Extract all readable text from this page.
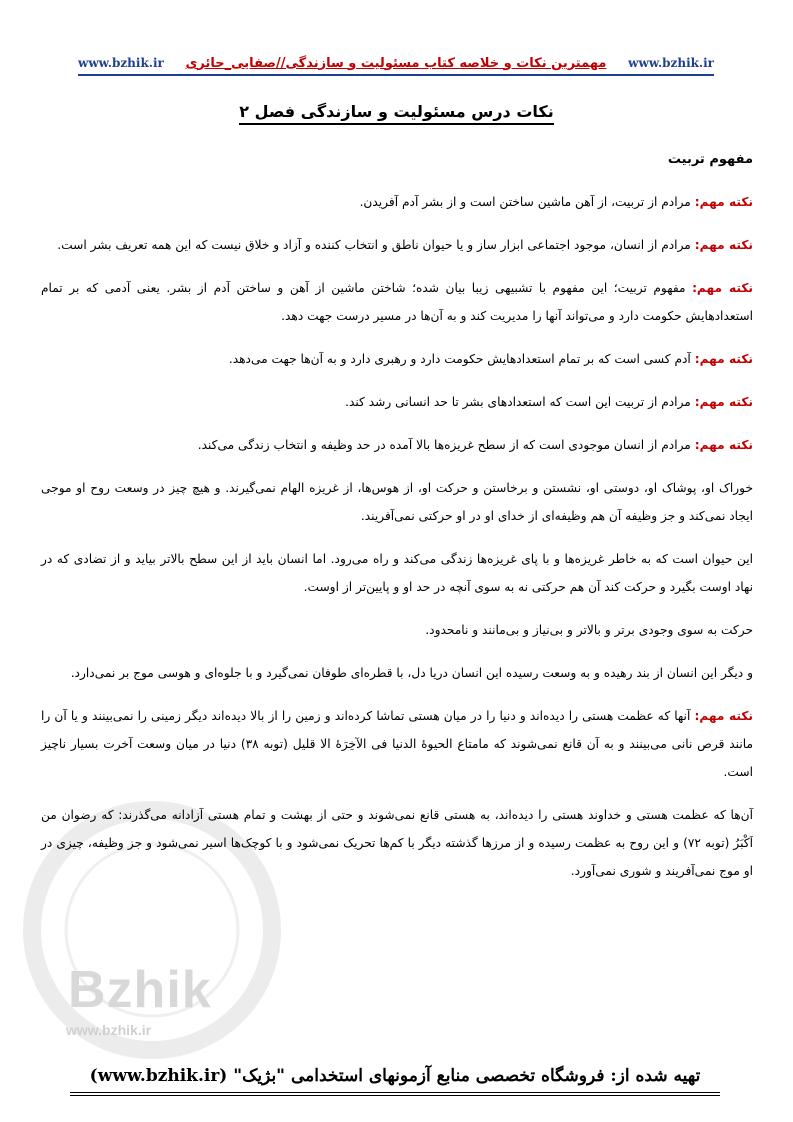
www.bzhik.ir	مهمترین نکات و خلاصه کتاب مسئولیت و سازندگی//صفایی_حائری	www.bzhik.ir
نکات درس مسئولیت و سازندگی فصل ۲
مفهوم تربیت
Bzhik
www.bzhik.ir

نکته مهم: مرادم از تربیت، از آهن ماشین ساختن است و از بشر آدم آفریدن.

نکته مهم: مرادم از انسان، موجود اجتماعی ابزار ساز و یا حیوان ناطق و انتخاب کننده و آزاد و خلاق نیست که این همه تعریف بشر است.

نکته مهم: مفهوم تربیت؛ این مفهوم با تشبیهی زیبا بیان شده؛ شاختن ماشین از آهن و ساختن آدم از بشر. یعنی آدمی که بر تمام استعدادهایش حکومت دارد و می‌تواند آنها را مدیریت کند و به آن‌ها در مسیر درست جهت دهد.

نکته مهم: آدم کسی است که بر تمام استعدادهایش حکومت دارد و رهبری دارد و به آن‌ها جهت می‌دهد.

نکته مهم: مرادم از تربیت این است که استعدادهای بشر تا حد انسانی رشد کند.

نکته مهم: مرادم از انسان موجودی است که از سطح غریزه‌ها بالا آمده در حد وظیفه و انتخاب زندگی می‌کند.

خوراک او، پوشاک او، دوستی او، نشستن و برخاستن و حرکت او، از هوس‌ها، از غریزه الهام نمی‌گیرند. و هیچ چیز در وسعت روح او موجی ایجاد نمی‌کند و جز وظیفه آن هم وظیفه‌ای از خدای او در او حرکتی نمی‌آفریند.

این حیوان است که به خاطر غریزه‌ها و با پای غریزه‌ها زندگی می‌کند و راه می‌رود. اما انسان باید از این سطح بالاتر بیاید و از تضادی که در نهاد اوست بگیرد و حرکت کند آن هم حرکتی نه به سوی آنچه در حد او و پایین‌تر از اوست.

حرکت به سوی وجودی برتر و بالاتر و بی‌نیاز و بی‌مانند و نامحدود.

و دیگر این انسان از بند رهیده و به وسعت رسیده این انسان دریا دل، با قطره‌ای طوفان نمی‌گیرد و با جلوه‌ای و هوسی موج بر نمی‌دارد.

نکته مهم: آنها که عظمت هستی را دیده‌اند و دنیا را در میان هستی تماشا کرده‌اند و زمین را از بالا دیده‌اند دیگر زمینی را نمی‌بینند و یا آن را مانند قرص نانی می‌بینند و به آن قانع نمی‌شوند که مامتاع الحیوهٔ الدنیا فی الآخِرَهٔ الا قلیل (توبه ۳۸) دنیا در میان وسعت آخرت بسیار ناچیز است.

آن‌ها که عظمت هستی و خداوند هستی را دیده‌اند، به هستی قانع نمی‌شوند و حتی از بهشت و تمام هستی آزادانه می‌گذرند: که رضوان من اَکْبَرُ (توبه ۷۲) و این روح به عظمت رسیده و از مرزها گذشته دیگر با کم‌ها تحریک نمی‌شود و با کوچک‌ها اسیر نمی‌شود و جز وظیفه، چیزی در او موج نمی‌آفریند و شوری نمی‌آورد.

تهیه شده از: فروشگاه تخصصی منابع آزمونهای استخدامی "بژیک" (www.bzhik.ir)
